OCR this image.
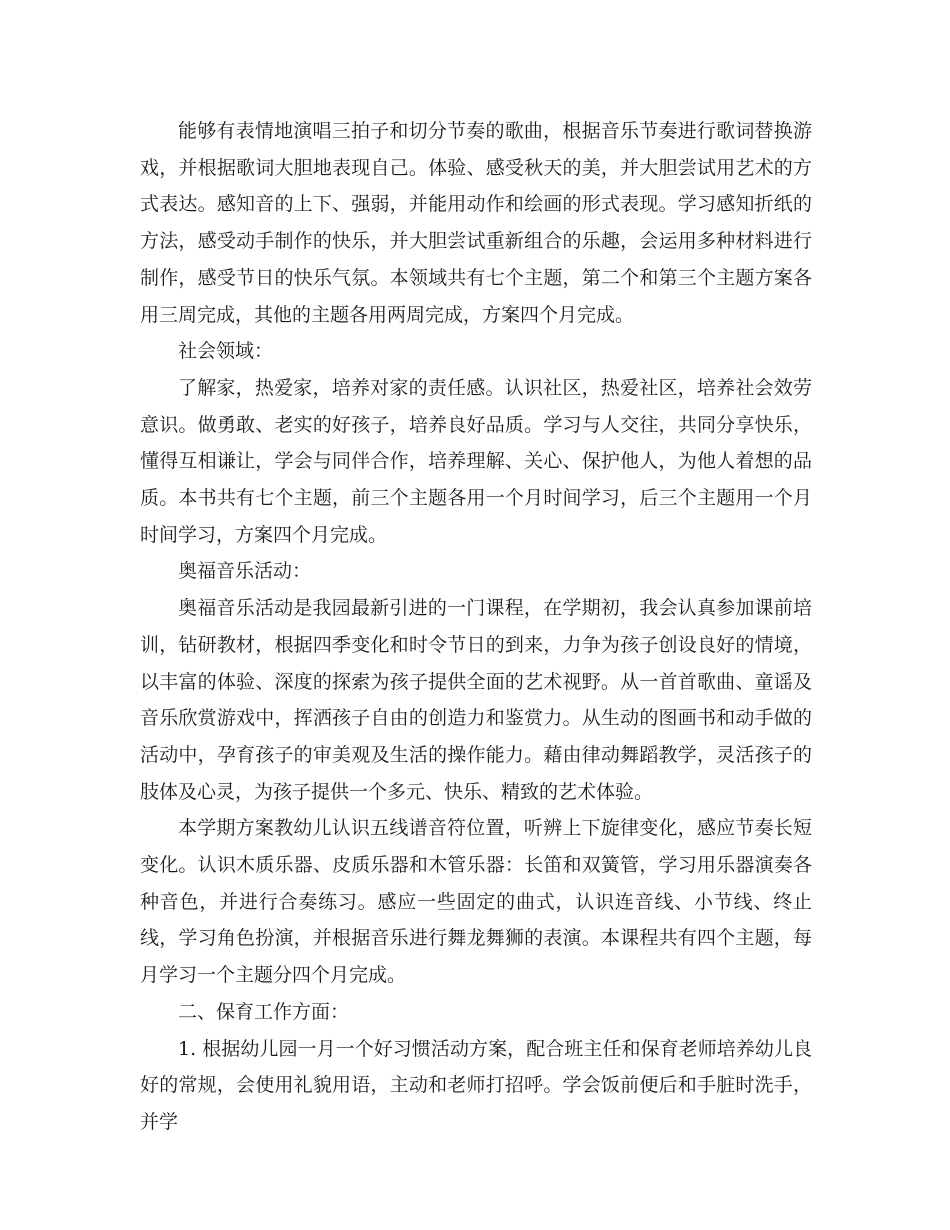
能够有表情地演唱三拍子和切分节奏的歌曲，根据音乐节奏进行歌词替换游戏，并根据歌词大胆地表现自己。体验、感受秋天的美，并大胆尝试用艺术的方式表达。感知音的上下、强弱，并能用动作和绘画的形式表现。学习感知折纸的方法，感受动手制作的快乐，并大胆尝试重新组合的乐趣，会运用多种材料进行制作，感受节日的快乐气氛。本领域共有七个主题，第二个和第三个主题方案各用三周完成，其他的主题各用两周完成，方案四个月完成。

社会领域：

了解家，热爱家，培养对家的责任感。认识社区，热爱社区，培养社会效劳意识。做勇敢、老实的好孩子，培养良好品质。学习与人交往，共同分享快乐，懂得互相谦让，学会与同伴合作，培养理解、关心、保护他人，为他人着想的品质。本书共有七个主题，前三个主题各用一个月时间学习，后三个主题用一个月时间学习，方案四个月完成。

奥福音乐活动：

奥福音乐活动是我园最新引进的一门课程，在学期初，我会认真参加课前培训，钻研教材，根据四季变化和时令节日的到来，力争为孩子创设良好的情境，以丰富的体验、深度的探索为孩子提供全面的艺术视野。从一首首歌曲、童谣及音乐欣赏游戏中，挥洒孩子自由的创造力和鉴赏力。从生动的图画书和动手做的活动中，孕育孩子的审美观及生活的操作能力。藉由律动舞蹈教学，灵活孩子的肢体及心灵，为孩子提供一个多元、快乐、精致的艺术体验。

本学期方案教幼儿认识五线谱音符位置，听辨上下旋律变化，感应节奏长短变化。认识木质乐器、皮质乐器和木管乐器：长笛和双簧管，学习用乐器演奏各种音色，并进行合奏练习。感应一些固定的曲式，认识连音线、小节线、终止线，学习角色扮演，并根据音乐进行舞龙舞狮的表演。本课程共有四个主题，每月学习一个主题分四个月完成。

二、保育工作方面：

1. 根据幼儿园一月一个好习惯活动方案，配合班主任和保育老师培养幼儿良好的常规，会使用礼貌用语，主动和老师打招呼。学会饭前便后和手脏时洗手，并学
